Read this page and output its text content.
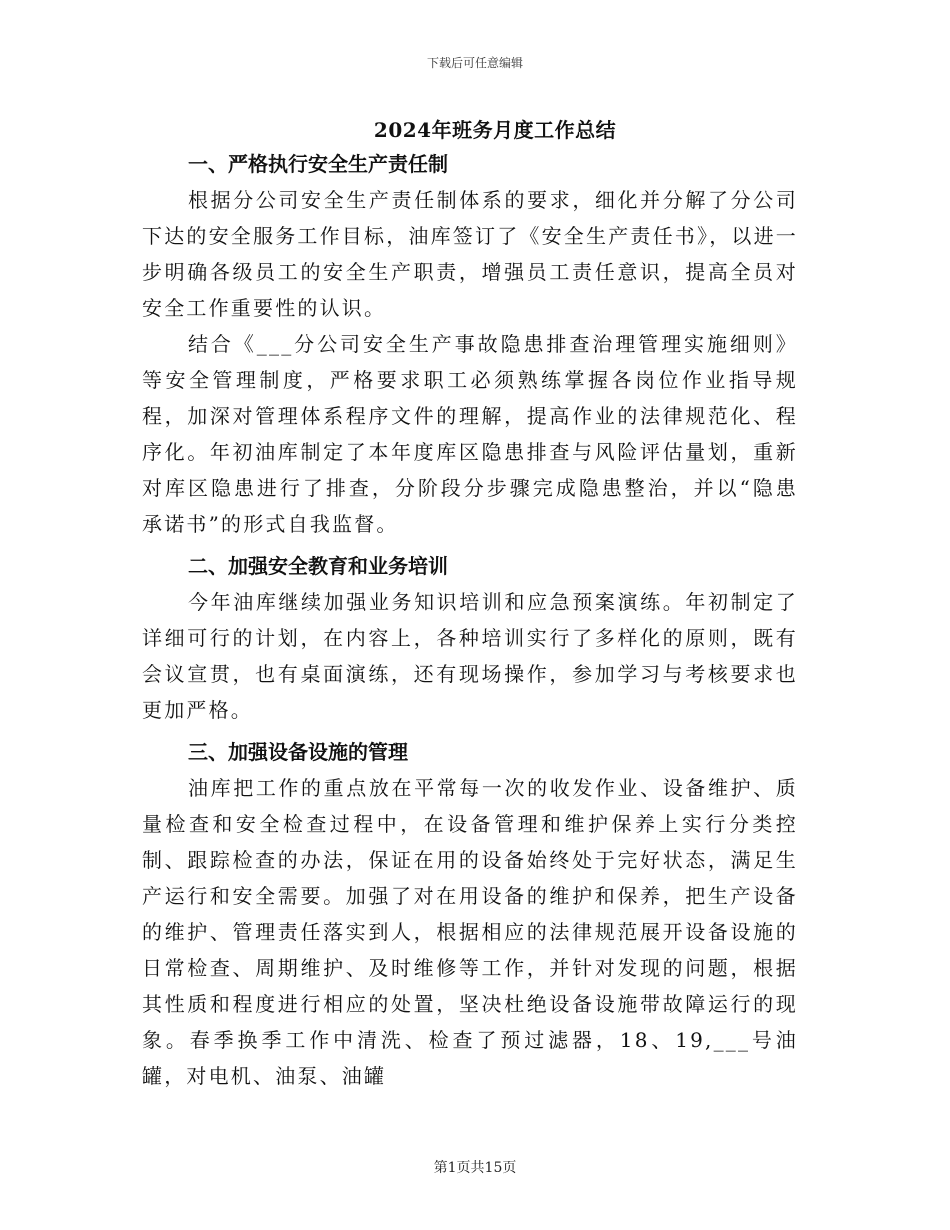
下载后可任意编辑
2024年班务月度工作总结

一、严格执行安全生产责任制

根据分公司安全生产责任制体系的要求，细化并分解了分公司下达的安全服务工作目标，油库签订了《安全生产责任书》，以进一步明确各级员工的安全生产职责，增强员工责任意识，提高全员对安全工作重要性的认识。

结合《___分公司安全生产事故隐患排查治理管理实施细则》等安全管理制度，严格要求职工必须熟练掌握各岗位作业指导规程，加深对管理体系程序文件的理解，提高作业的法律规范化、程序化。年初油库制定了本年度库区隐患排查与风险评估量划，重新对库区隐患进行了排查，分阶段分步骤完成隐患整治，并以“隐患承诺书”的形式自我监督。

二、加强安全教育和业务培训

今年油库继续加强业务知识培训和应急预案演练。年初制定了详细可行的计划，在内容上，各种培训实行了多样化的原则，既有会议宣贯，也有桌面演练，还有现场操作，参加学习与考核要求也更加严格。

三、加强设备设施的管理

油库把工作的重点放在平常每一次的收发作业、设备维护、质量检查和安全检查过程中，在设备管理和维护保养上实行分类控制、跟踪检查的办法，保证在用的设备始终处于完好状态，满足生产运行和安全需要。加强了对在用设备的维护和保养，把生产设备的维护、管理责任落实到人，根据相应的法律规范展开设备设施的日常检查、周期维护、及时维修等工作，并针对发现的问题，根据其性质和程度进行相应的处置，坚决杜绝设备设施带故障运行的现象。春季换季工作中清洗、检查了预过滤器，18、19,___号油罐，对电机、油泵、油罐

第1页共15页
